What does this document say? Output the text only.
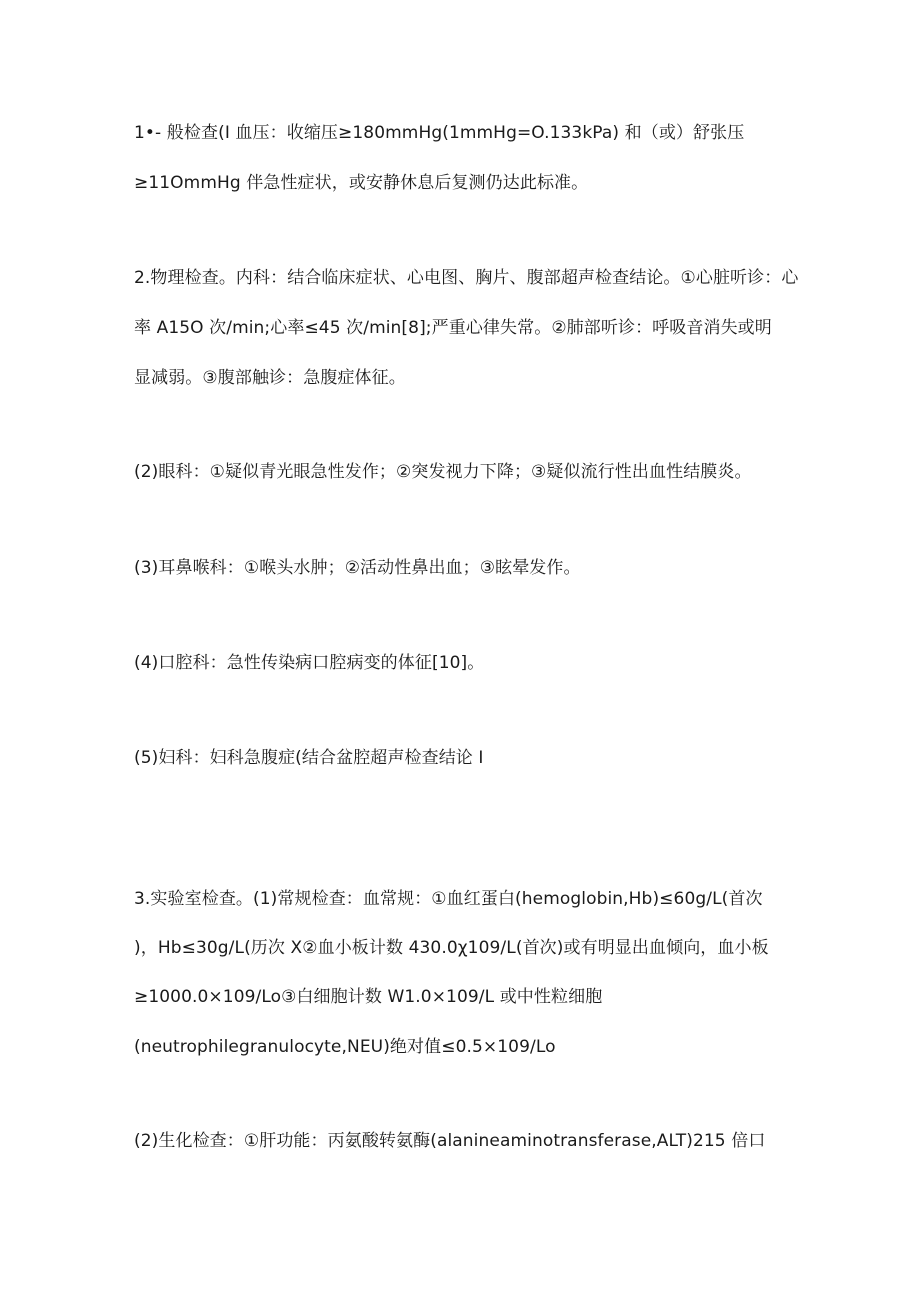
1•- 般检查(I 血压：收缩压≥180mmHg(1mmHg=O.133kPa) 和（或）舒张压
≥11OmmHg 伴急性症状，或安静休息后复测仍达此标准。
2.物理检查。内科：结合临床症状、心电图、胸片、腹部超声检查结论。①心脏听诊：心
率 A15O 次/min;心率≤45 次∕min[8];严重心律失常。②肺部听诊：呼吸音消失或明
显减弱。③腹部触诊：急腹症体征。
(2)眼科：①疑似青光眼急性发作；②突发视力下降；③疑似流行性出血性结膜炎。
(3)耳鼻喉科：①喉头水肿；②活动性鼻出血；③眩晕发作。
(4)口腔科：急性传染病口腔病变的体征[10]。
(5)妇科：妇科急腹症(结合盆腔超声检查结论 I
3.实验室检查。(1)常规检查：血常规：①血红蛋白(hemoglobin,Hb)≤60g∕L(首次
)，Hb≤30g/L(历次 X②血小板计数 430.0χ109/L(首次)或有明显出血倾向，血小板
≥1000.0×109∕Lo③白细胞计数 W1.0×109∕L 或中性粒细胞
(neutrophilegranulocyte,NEU)绝对值≤0.5×109∕Lo
(2)生化检查：①肝功能：丙氨酸转氨酶(alanineaminotransferase,ALT)215 倍口
